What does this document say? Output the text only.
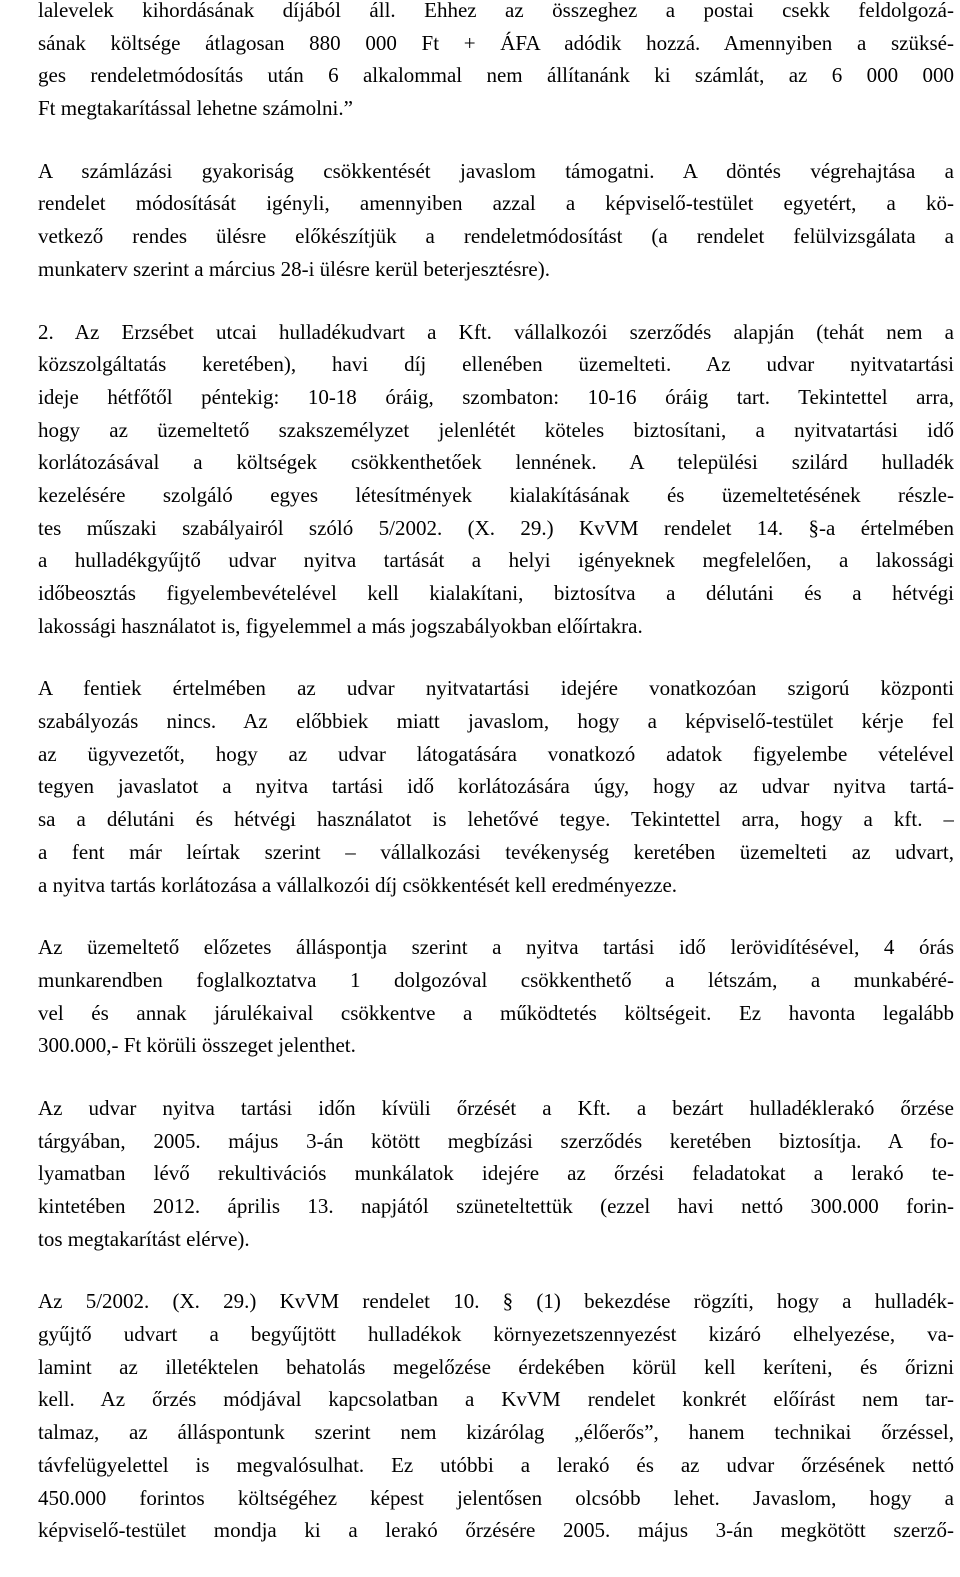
lalevelek kihordásának díjából áll. Ehhez az összeghez a postai csekk feldolgozá-
sának költsége átlagosan 880 000 Ft + ÁFA adódik hozzá. Amennyiben a szüksé-
ges rendeletmódosítás után 6 alkalommal nem állítanánk ki számlát, az 6 000 000
Ft megtakarítással lehetne számolni.”
A számlázási gyakoriság csökkentését javaslom támogatni. A döntés végrehajtása a
rendelet módosítását igényli, amennyiben azzal a képviselő-testület egyetért, a kö-
vetkező rendes ülésre előkészítjük a rendeletmódosítást (a rendelet felülvizsgálata a
munkaterv szerint a március 28-i ülésre kerül beterjesztésre).
2. Az Erzsébet utcai hulladékudvart a Kft. vállalkozói szerződés alapján (tehát nem a
közszolgáltatás keretében), havi díj ellenében üzemelteti. Az udvar nyitvatartási
ideje hétfőtől péntekig: 10-18 óráig, szombaton: 10-16 óráig tart. Tekintettel arra,
hogy az üzemeltető szakszemélyzet jelenlétét köteles biztosítani, a nyitvatartási idő
korlátozásával a költségek csökkenthetőek lennének. A települési szilárd hulladék
kezelésére szolgáló egyes létesítmények kialakításának és üzemeltetésének részle-
tes műszaki szabályairól szóló 5/2002. (X. 29.) KvVM rendelet 14. §-a értelmében
a hulladékgyűjtő udvar nyitva tartását a helyi igényeknek megfelelően, a lakossági
időbeosztás figyelembevételével kell kialakítani, biztosítva a délutáni és a hétvégi
lakossági használatot is, figyelemmel a más jogszabályokban előírtakra.
A fentiek értelmében az udvar nyitvatartási idejére vonatkozóan szigorú központi
szabályozás nincs. Az előbbiek miatt javaslom, hogy a képviselő-testület kérje fel
az ügyvezetőt, hogy az udvar látogatására vonatkozó adatok figyelembe vételével
tegyen javaslatot a nyitva tartási idő korlátozására úgy, hogy az udvar nyitva tartá-
sa a délutáni és hétvégi használatot is lehetővé tegye. Tekintettel arra, hogy a kft. –
a fent már leírtak szerint – vállalkozási tevékenység keretében üzemelteti az udvart,
a nyitva tartás korlátozása a vállalkozói díj csökkentését kell eredményezze.
Az üzemeltető előzetes álláspontja szerint a nyitva tartási idő lerövidítésével, 4 órás
munkarendben foglalkoztatva 1 dolgozóval csökkenthető a létszám, a munkabéré-
vel és annak járulékaival csökkentve a működtetés költségeit. Ez havonta legalább
300.000,- Ft körüli összeget jelenthet.
Az udvar nyitva tartási időn kívüli őrzését a Kft. a bezárt hulladéklerakó őrzése
tárgyában, 2005. május 3-án kötött megbízási szerződés keretében biztosítja. A fo-
lyamatban lévő rekultivációs munkálatok idejére az őrzési feladatokat a lerakó te-
kintetében 2012. április 13. napjától szüneteltettük (ezzel havi nettó 300.000 forin-
tos megtakarítást elérve).
Az 5/2002. (X. 29.) KvVM rendelet 10. § (1) bekezdése rögzíti, hogy a hulladék-
gyűjtő udvart a begyűjtött hulladékok környezetszennyezést kizáró elhelyezése, va-
lamint az illetéktelen behatolás megelőzése érdekében körül kell keríteni, és őrizni
kell. Az őrzés módjával kapcsolatban a KvVM rendelet konkrét előírást nem tar-
talmaz, az álláspontunk szerint nem kizárólag „élőerős”, hanem technikai őrzéssel,
távfelügyelettel is megvalósulhat. Ez utóbbi a lerakó és az udvar őrzésének nettó
450.000 forintos költségéhez képest jelentősen olcsóbb lehet. Javaslom, hogy a
képviselő-testület mondja ki a lerakó őrzésére 2005. május 3-án megkötött szerző-
